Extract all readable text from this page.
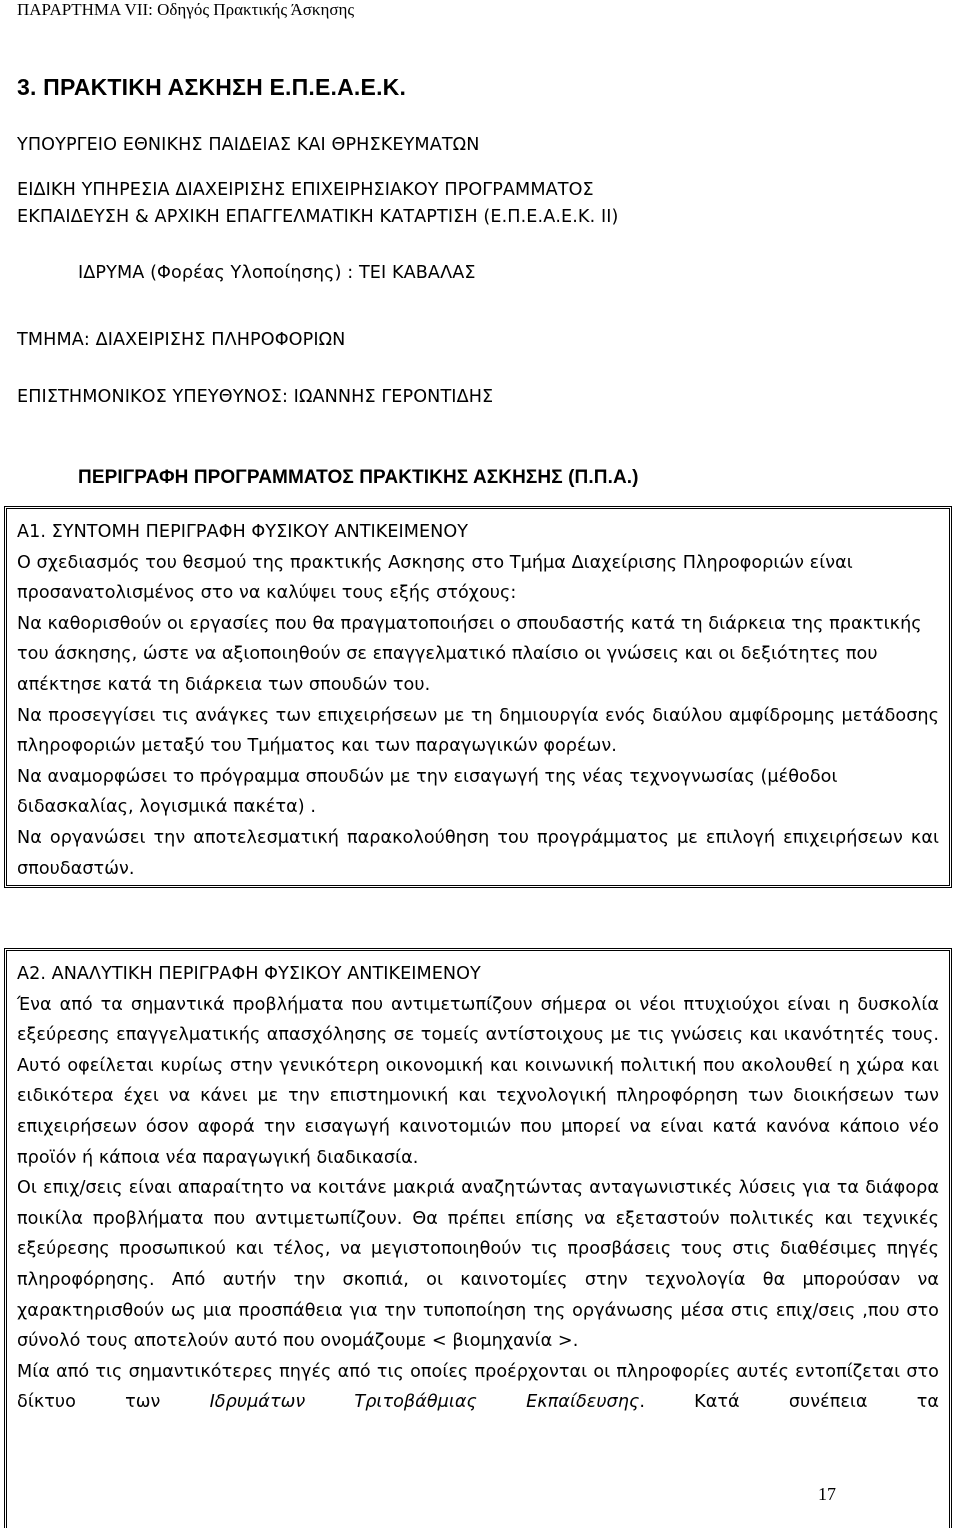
ΠΑΡΑΡΤΗΜΑ VII: Οδηγός Πρακτικής Άσκησης
3. ΠΡΑΚΤΙΚΗ ΑΣΚΗΣΗ Ε.Π.Ε.Α.Ε.Κ.
ΥΠΟΥΡΓΕΙΟ ΕΘΝΙΚΗΣ ΠΑΙΔΕΙΑΣ ΚΑΙ ΘΡΗΣΚΕΥΜΑΤΩΝ
ΕΙΔΙΚΗ ΥΠΗΡΕΣΙΑ ΔΙΑΧΕΙΡΙΣΗΣ ΕΠΙΧΕΙΡΗΣΙΑΚΟΥ ΠΡΟΓΡΑΜΜΑΤΟΣ
ΕΚΠΑΙΔΕΥΣΗ & ΑΡΧΙΚΗ ΕΠΑΓΓΕΛΜΑΤΙΚΗ ΚΑΤΑΡΤΙΣΗ (Ε.Π.Ε.Α.Ε.Κ. ΙΙ)
ΙΔΡΥΜΑ (Φορέας Υλοποίησης) : ΤΕΙ ΚΑΒΑΛΑΣ
ΤΜΗΜΑ: ΔΙΑΧΕΙΡΙΣΗΣ ΠΛΗΡΟΦΟΡΙΩΝ
ΕΠΙΣΤΗΜΟΝΙΚΟΣ ΥΠΕΥΘΥΝΟΣ: ΙΩΑΝΝΗΣ ΓΕΡΟΝΤΙΔΗΣ
ΠΕΡΙΓΡΑΦΗ ΠΡΟΓΡΑΜΜΑΤΟΣ ΠΡΑΚΤΙΚΗΣ ΑΣΚΗΣΗΣ (Π.Π.Α.)

Α1. ΣΥΝΤΟΜΗ ΠΕΡΙΓΡΑΦΗ ΦΥΣΙΚΟΥ ΑΝΤΙΚΕΙΜΕΝΟΥ

Ο σχεδιασμός του θεσμού της πρακτικής Ασκησης στο Τμήμα Διαχείρισης Πληροφοριών είναι προσανατολισμένος στο να καλύψει τους εξής στόχους:

Να καθορισθούν οι εργασίες που θα πραγματοποιήσει ο σπουδαστής κατά τη διάρκεια της πρακτικής του άσκησης, ώστε να αξιοποιηθούν σε επαγγελματικό πλαίσιο οι γνώσεις και οι δεξιότητες που απέκτησε κατά τη διάρκεια των σπουδών του.

Να προσεγγίσει τις ανάγκες των επιχειρήσεων με τη δημιουργία ενός διαύλου αμφίδρομης μετάδοσης πληροφοριών μεταξύ του Τμήματος και των παραγωγικών φορέων.

Να αναμορφώσει το πρόγραμμα σπουδών με την εισαγωγή της νέας τεχνογνωσίας (μέθοδοι διδασκαλίας, λογισμικά πακέτα) .

Να οργανώσει την αποτελεσματική παρακολούθηση του προγράμματος με επιλογή επιχειρήσεων και σπουδαστών.

Α2. ΑΝΑΛΥΤΙΚΗ ΠΕΡΙΓΡΑΦΗ ΦΥΣΙΚΟΥ ΑΝΤΙΚΕΙΜΕΝΟΥ

Ένα από τα σημαντικά προβλήματα που αντιμετωπίζουν σήμερα οι νέοι πτυχιούχοι είναι η δυσκολία εξεύρεσης επαγγελματικής απασχόλησης σε τομείς αντίστοιχους με τις γνώσεις και ικανότητές τους. Αυτό οφείλεται κυρίως στην γενικότερη οικονομική και κοινωνική πολιτική που ακολουθεί η χώρα και ειδικότερα έχει να κάνει με την επιστημονική και τεχνολογική πληροφόρηση των διοικήσεων των επιχειρήσεων όσον αφορά την εισαγωγή καινοτομιών που μπορεί να είναι κατά κανόνα κάποιο νέο προϊόν ή κάποια νέα παραγωγική διαδικασία.

Οι επιχ/σεις είναι απαραίτητο να κοιτάνε μακριά αναζητώντας ανταγωνιστικές λύσεις για τα διάφορα ποικίλα προβλήματα που αντιμετωπίζουν. Θα πρέπει επίσης να εξεταστούν πολιτικές και τεχνικές εξεύρεσης προσωπικού και τέλος, να μεγιστοποιηθούν τις προσβάσεις τους στις διαθέσιμες πηγές πληροφόρησης. Από αυτήν την σκοπιά, οι καινοτομίες στην τεχνολογία θα μπορούσαν να χαρακτηρισθούν ως μια προσπάθεια για την τυποποίηση της οργάνωσης μέσα στις επιχ/σεις ,που στο σύνολό τους αποτελούν αυτό που ονομάζουμε < βιομηχανία >.

Μία από τις σημαντικότερες πηγές από τις οποίες προέρχονται οι πληροφορίες αυτές εντοπίζεται στο δίκτυο των Ιδρυμάτων Τριτοβάθμιας Εκπαίδευσης. Κατά συνέπεια τα

17
